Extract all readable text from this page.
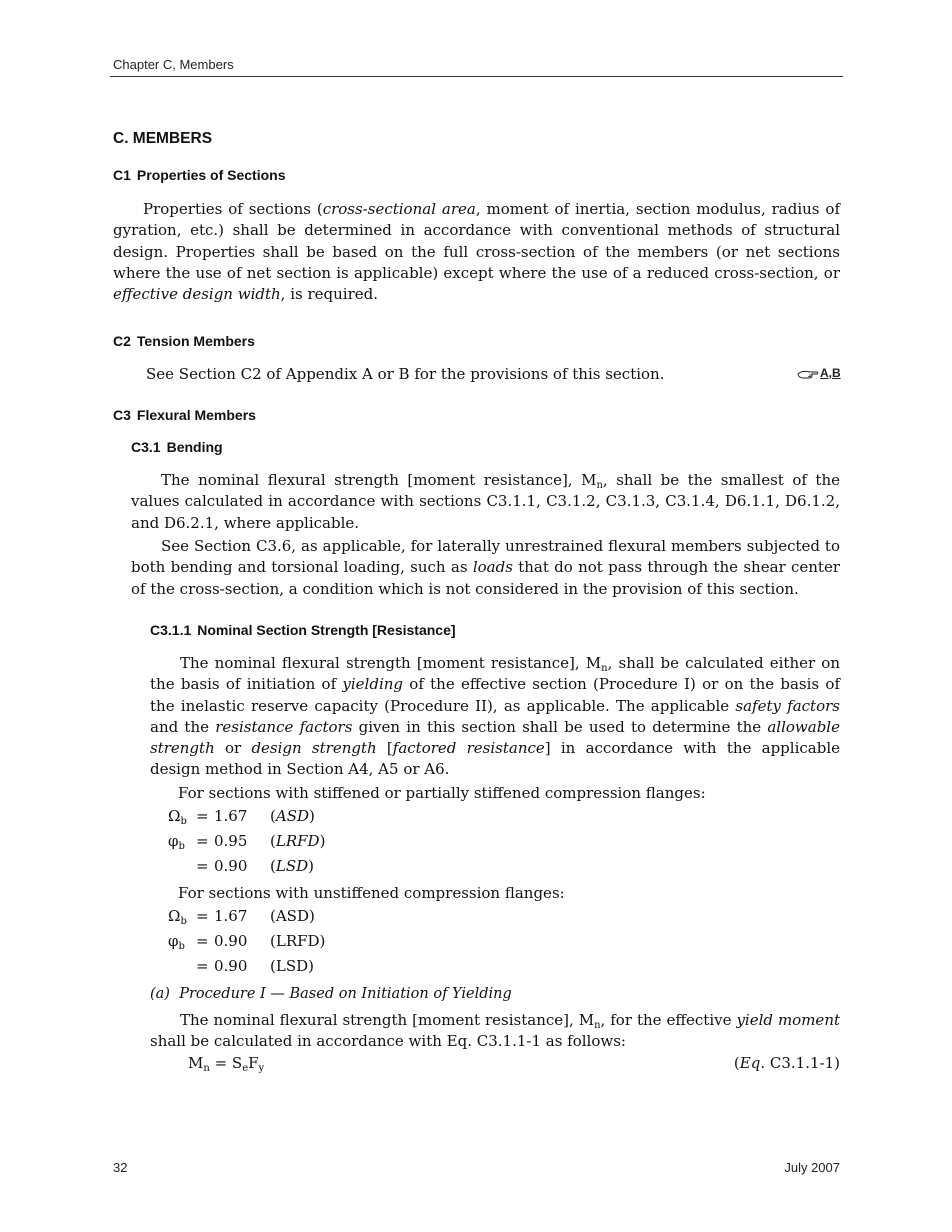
Chapter C, Members
C. MEMBERS
C1 Properties of Sections

Properties of sections (cross-sectional area, moment of inertia, section modulus, radius of gyration, etc.) shall be determined in accordance with conventional methods of structural design. Properties shall be based on the full cross-section of the members (or net sections where the use of net section is applicable) except where the use of a reduced cross-section, or effective design width, is required.

C2 Tension Members
See Section C2 of Appendix A or B for the provisions of this section.	A,B
C3 Flexural Members
C3.1 Bending

The nominal flexural strength [moment resistance], $M_n$, shall be the smallest of the values calculated in accordance with sections C3.1.1, C3.1.2, C3.1.3, C3.1.4, D6.1.1, D6.1.2, and D6.2.1, where applicable.

See Section C3.6, as applicable, for laterally unrestrained flexural members subjected to both bending and torsional loading, such as loads that do not pass through the shear center of the cross-section, a condition which is not considered in the provision of this section.

C3.1.1 Nominal Section Strength [Resistance]

The nominal flexural strength [moment resistance], $M_n$, shall be calculated either on the basis of initiation of yielding of the effective section (Procedure I) or on the basis of the inelastic reserve capacity (Procedure II), as applicable. The applicable safety factors and the resistance factors given in this section shall be used to determine the allowable strength or design strength [factored resistance] in accordance with the applicable design method in Section A4, A5 or A6.

For sections with stiffened or partially stiffened compression flanges:
$\Omega_b = 1.67$ (ASD)
$\varphi_b = 0.95$ (LRFD)
= 0.90 (LSD)
For sections with unstiffened compression flanges:
$\Omega_b = 1.67$ (ASD)
$\varphi_b = 0.90$ (LRFD)
= 0.90 (LSD)
(a) Procedure I — Based on Initiation of Yielding

The nominal flexural strength [moment resistance], $M_n$, for the effective yield moment shall be calculated in accordance with Eq. C3.1.1-1 as follows:

$M_n = S_eF_y$	(Eq. C3.1.1-1)
32	July 2007
